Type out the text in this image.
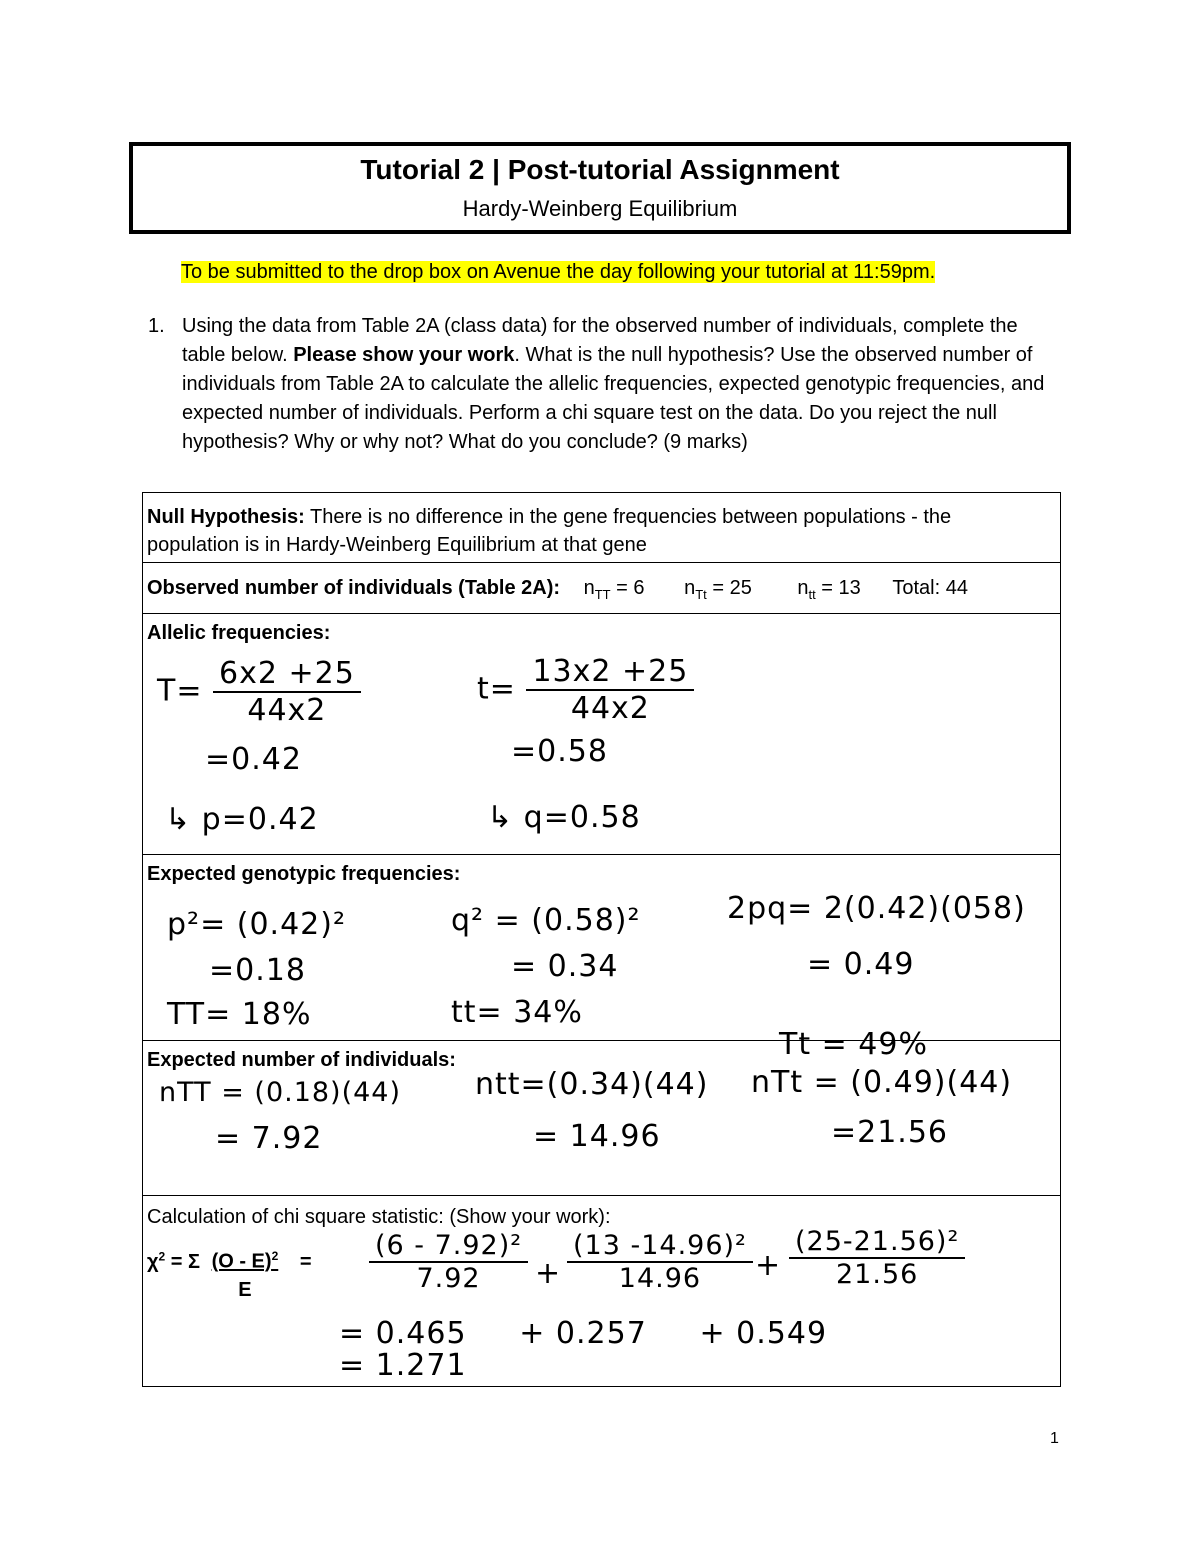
Tutorial 2 | Post-tutorial Assignment
Hardy-Weinberg Equilibrium
To be submitted to the drop box on Avenue the day following your tutorial at 11:59pm.
1. Using the data from Table 2A (class data) for the observed number of individuals, complete the table below. Please show your work. What is the null hypothesis? Use the observed number of individuals from Table 2A to calculate the allelic frequencies, expected genotypic frequencies, and expected number of individuals. Perform a chi square test on the data. Do you reject the null hypothesis? Why or why not? What do you conclude? (9 marks)
Null Hypothesis: There is no difference in the gene frequencies between populations - the population is in Hardy-Weinberg Equilibrium at that gene
Observed number of individuals (Table 2A): $n_{TT} = 6$ $n_{Tt} = 25$ $n_{tt} = 13$ Total: 44
Allelic frequencies:
$T= \frac{6x2 +25}{44x2}$
=0.42
↳ p=0.42
$t= \frac{13x2 +25}{44x2}$
=0.58
↳ q=0.58
Expected genotypic frequencies:
p²= (0.42)²
=0.18
TT= 18%
q² = (0.58)²
= 0.34
tt= 34%
2pq= 2(0.42)(058)
= 0.49
Tt = 49%
Expected number of individuals:
nTT = (0.18)(44)
= 7.92
ntt=(0.34)(44)
= 14.96
nTt = (0.49)(44)
=21.56
Calculation of chi square statistic: (Show your work):
$\chi^2 = \Sigma \frac{(O - E)^2}{E} = \frac{\text{(6 - 7.92)²}}{7.92} + \frac{\text{(13 -14.96)²}}{14.96} + \frac{\text{(25-21.56)²}}{21.56}$
= 0.465     + 0.257     + 0.549
= 1.271
1
